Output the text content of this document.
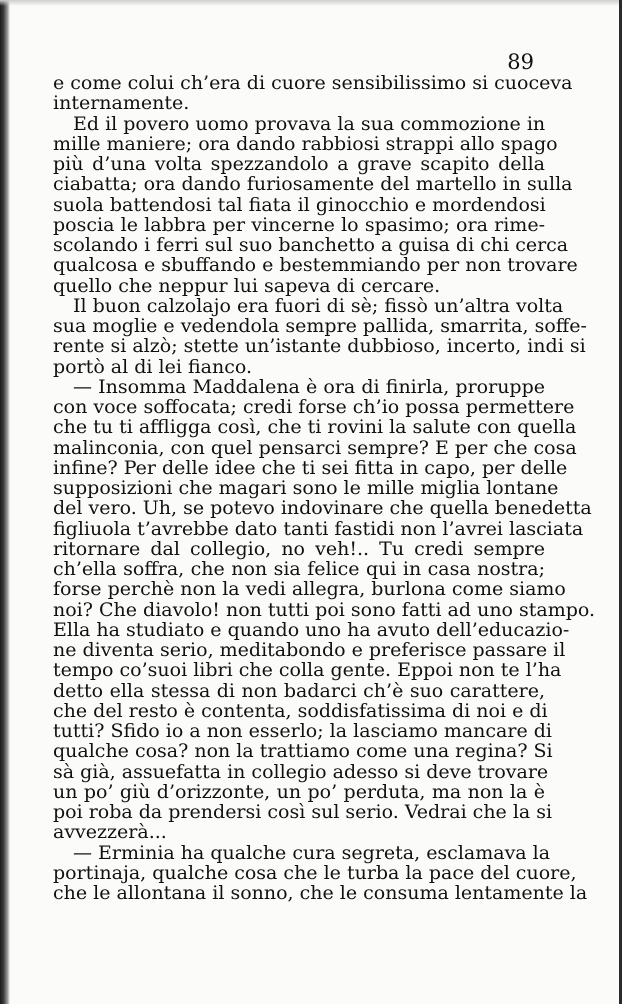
89
e come colui ch’era di cuore sensibilissimo si cuoceva
internamente.
Ed il povero uomo provava la sua commozione in
mille maniere; ora dando rabbiosi strappi allo spago
più d’una volta spezzandolo a grave scapito della
ciabatta; ora dando furiosamente del martello in sulla
suola battendosi tal fiata il ginocchio e mordendosi
poscia le labbra per vincerne lo spasimo; ora rime-
scolando i ferri sul suo banchetto a guisa di chi cerca
qualcosa e sbuffando e bestemmiando per non trovare
quello che neppur lui sapeva di cercare.
Il buon calzolajo era fuori di sè; fissò un’altra volta
sua moglie e vedendola sempre pallida, smarrita, soffe-
rente si alzò; stette un’istante dubbioso, incerto, indi si
portò al di lei fianco.
— Insomma Maddalena è ora di finirla, proruppe
con voce soffocata; credi forse ch’io possa permettere
che tu ti affligga così, che ti rovini la salute con quella
malinconia, con quel pensarci sempre? E per che cosa
infine? Per delle idee che ti sei fitta in capo, per delle
supposizioni che magari sono le mille miglia lontane
del vero. Uh, se potevo indovinare che quella benedetta
figliuola t’avrebbe dato tanti fastidi non l’avrei lasciata
ritornare dal collegio, no veh!.. Tu credi sempre
ch’ella soffra, che non sia felice qui in casa nostra;
forse perchè non la vedi allegra, burlona come siamo
noi? Che diavolo! non tutti poi sono fatti ad uno stampo.
Ella ha studiato e quando uno ha avuto dell’educazio-
ne diventa serio, meditabondo e preferisce passare il
tempo co’suoi libri che colla gente. Eppoi non te l’ha
detto ella stessa di non badarci ch’è suo carattere,
che del resto è contenta, soddisfatissima di noi e di
tutti? Sfido io a non esserlo; la lasciamo mancare di
qualche cosa? non la trattiamo come una regina? Si
sà già, assuefatta in collegio adesso si deve trovare
un po’ giù d’orizzonte, un po’ perduta, ma non la è
poi roba da prendersi così sul serio. Vedrai che la si
avvezzerà...
— Erminia ha qualche cura segreta, esclamava la
portinaja, qualche cosa che le turba la pace del cuore,
che le allontana il sonno, che le consuma lentamente la
